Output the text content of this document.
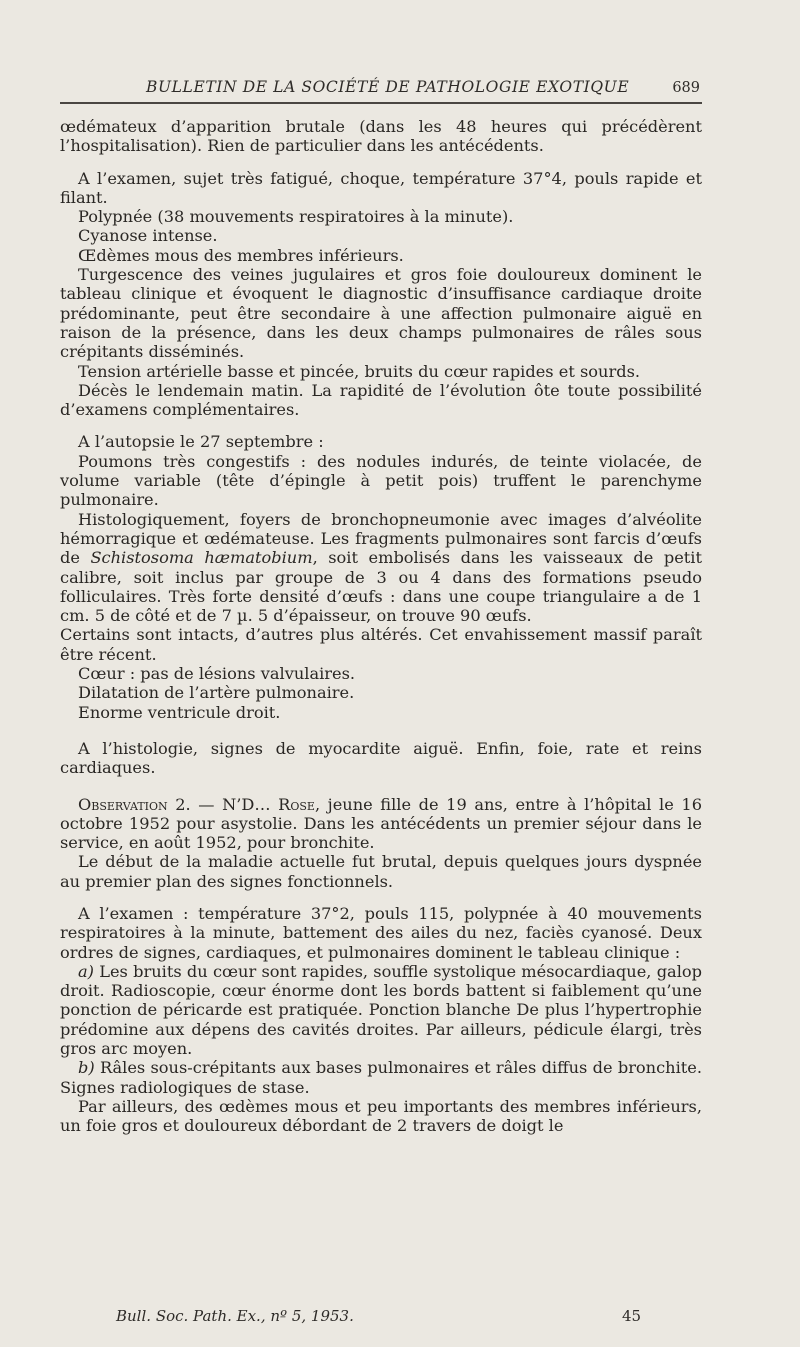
BULLETIN DE LA SOCIÉTÉ DE PATHOLOGIE EXOTIQUE	689

œdémateux d’apparition brutale (dans les 48 heures qui précédèrent l’hospitalisation). Rien de particulier dans les antécédents.

A l’examen, sujet très fatigué, choque, température 37°4, pouls rapide et filant.

Polypnée (38 mouvements respiratoires à la minute).

Cyanose intense.

Œdèmes mous des membres inférieurs.

Turgescence des veines jugulaires et gros foie douloureux dominent le tableau clinique et évoquent le diagnostic d’insuffisance cardiaque droite prédominante, peut être secondaire à une affection pulmonaire aiguë en raison de la présence, dans les deux champs pulmonaires de râles sous crépitants disséminés.

Tension artérielle basse et pincée, bruits du cœur rapides et sourds.

Décès le lendemain matin. La rapidité de l’évolution ôte toute possibilité d’examens complémentaires.

A l’autopsie le 27 septembre :

Poumons très congestifs : des nodules indurés, de teinte violacée, de volume variable (tête d’épingle à petit pois) truffent le parenchyme pulmonaire.

Histologiquement, foyers de bronchopneumonie avec images d’alvéolite hémorragique et œdémateuse. Les fragments pulmonaires sont farcis d’œufs de Schistosoma hæmatobium, soit embolisés dans les vaisseaux de petit calibre, soit inclus par groupe de 3 ou 4 dans des formations pseudo folliculaires. Très forte densité d’œufs : dans une coupe triangulaire a de 1 cm. 5 de côté et de 7 µ. 5 d’épaisseur, on trouve 90 œufs.

Certains sont intacts, d’autres plus altérés. Cet envahissement massif paraît être récent.

Cœur : pas de lésions valvulaires.

Dilatation de l’artère pulmonaire.

Enorme ventricule droit.

A l’histologie, signes de myocardite aiguë. Enfin, foie, rate et reins cardiaques.

Observation 2. — N’D… Rose, jeune fille de 19 ans, entre à l’hôpital le 16 octobre 1952 pour asystolie. Dans les antécédents un premier séjour dans le service, en août 1952, pour bronchite.

Le début de la maladie actuelle fut brutal, depuis quelques jours dyspnée au premier plan des signes fonctionnels.

A l’examen : température 37°2, pouls 115, polypnée à 40 mouvements respiratoires à la minute, battement des ailes du nez, faciès cyanosé. Deux ordres de signes, cardiaques, et pulmonaires dominent le tableau clinique :

a) Les bruits du cœur sont rapides, souffle systolique mésocardiaque, galop droit. Radioscopie, cœur énorme dont les bords battent si faiblement qu’une ponction de péricarde est pratiquée. Ponction blanche De plus l’hypertrophie prédomine aux dépens des cavités droites. Par ailleurs, pédicule élargi, très gros arc moyen.

b) Râles sous-crépitants aux bases pulmonaires et râles diffus de bronchite. Signes radiologiques de stase.

Par ailleurs, des œdèmes mous et peu importants des membres inférieurs, un foie gros et douloureux débordant de 2 travers de doigt le

Bull. Soc. Path. Ex., nº 5, 1953.	45
